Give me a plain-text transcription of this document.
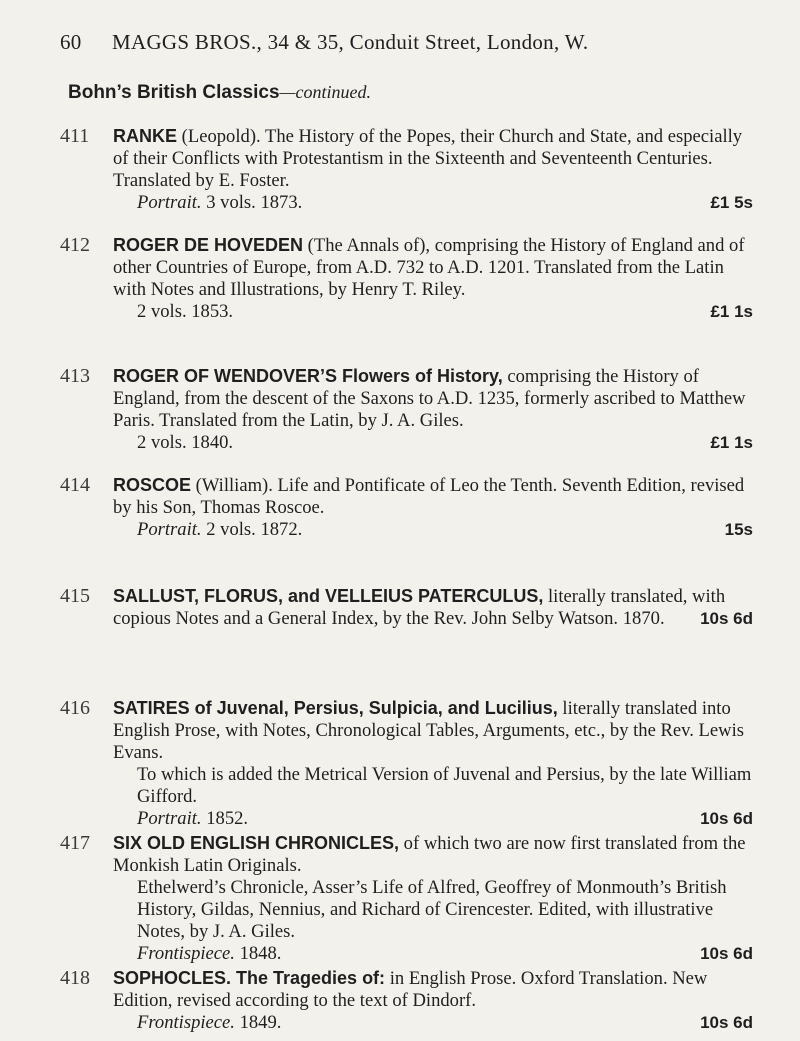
60 MAGGS BROS., 34 & 35, Conduit Street, London, W.
Bohn’s British Classics—continued.
411	RANKE (Leopold). The History of the Popes, their Church and State, and especially of their Conflicts with Protestantism in the Sixteenth and Seventeenth Centuries. Translated by E. Foster.
Portrait. 3 vols. 1873.	£1 5s
412	ROGER DE HOVEDEN (The Annals of), comprising the History of England and of other Countries of Europe, from A.D. 732 to A.D. 1201. Translated from the Latin with Notes and Illustrations, by Henry T. Riley.
2 vols. 1853.	£1 1s
413	ROGER OF WENDOVER’S Flowers of History, comprising the History of England, from the descent of the Saxons to A.D. 1235, formerly ascribed to Matthew Paris. Translated from the Latin, by J. A. Giles.
2 vols. 1840.	£1 1s
414	ROSCOE (William). Life and Pontificate of Leo the Tenth. Seventh Edition, revised by his Son, Thomas Roscoe.
Portrait. 2 vols. 1872.	15s
415	SALLUST, FLORUS, and VELLEIUS PATERCULUS, literally translated, with copious Notes and a General Index, by the Rev. John Selby Watson. 1870. 10s 6d
416	SATIRES of Juvenal, Persius, Sulpicia, and Lucilius, literally translated into English Prose, with Notes, Chronological Tables, Arguments, etc., by the Rev. Lewis Evans.
To which is added the Metrical Version of Juvenal and Persius, by the late William Gifford.
Portrait. 1852.	10s 6d
417	SIX OLD ENGLISH CHRONICLES, of which two are now first translated from the Monkish Latin Originals.
Ethelwerd’s Chronicle, Asser’s Life of Alfred, Geoffrey of Monmouth’s British History, Gildas, Nennius, and Richard of Cirencester. Edited, with illustrative Notes, by J. A. Giles.
Frontispiece. 1848.	10s 6d
418	SOPHOCLES. The Tragedies of: in English Prose. Oxford Translation. New Edition, revised according to the text of Dindorf.
Frontispiece. 1849.	10s 6d
